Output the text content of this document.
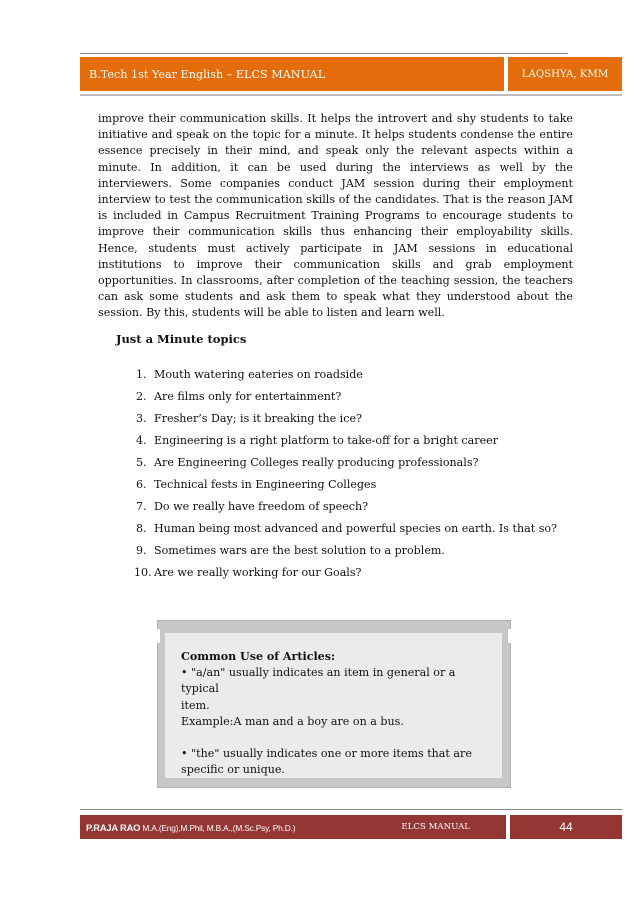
B.Tech 1st Year English – ELCS MANUAL	LAQSHYA, KMM

improve their communication skills. It helps the introvert and shy students to take initiative and speak on the topic for a minute. It helps students condense the entire essence precisely in their mind, and speak only the relevant aspects within a minute. In addition, it can be used during the interviews as well by the interviewers. Some companies conduct JAM session during their employment interview to test the communication skills of the candidates. That is the reason JAM is included in Campus Recruitment Training Programs to encourage students to improve their communication skills thus enhancing their employability skills. Hence, students must actively participate in JAM sessions in educational institutions to improve their communication skills and grab employment opportunities. In classrooms, after completion of the teaching session, the teachers can ask some students and ask them to speak what they understood about the session. By this, students will be able to listen and learn well.

Just a Minute topics
1. Mouth watering eateries on roadside
2. Are films only for entertainment?
3. Fresher’s Day; is it breaking the ice?
4. Engineering is a right platform to take-off for a bright career
5. Are Engineering Colleges really producing professionals?
6. Technical fests in Engineering Colleges
7. Do we really have freedom of speech?
8. Human being most advanced and powerful species on earth. Is that so?
9. Sometimes wars are the best solution to a problem.
10. Are we really working for our Goals?
Common Use of Articles:
• "a/an" usually indicates an item in general or a typical
item.
Example:A man and a boy are on a bus.
• "the" usually indicates one or more items that are
specific or unique.
P.RAJA RAO M.A.(Eng),M.Phil, M.B.A.,(M.Sc.Psy, Ph.D.)	ELCS MANUAL	44
